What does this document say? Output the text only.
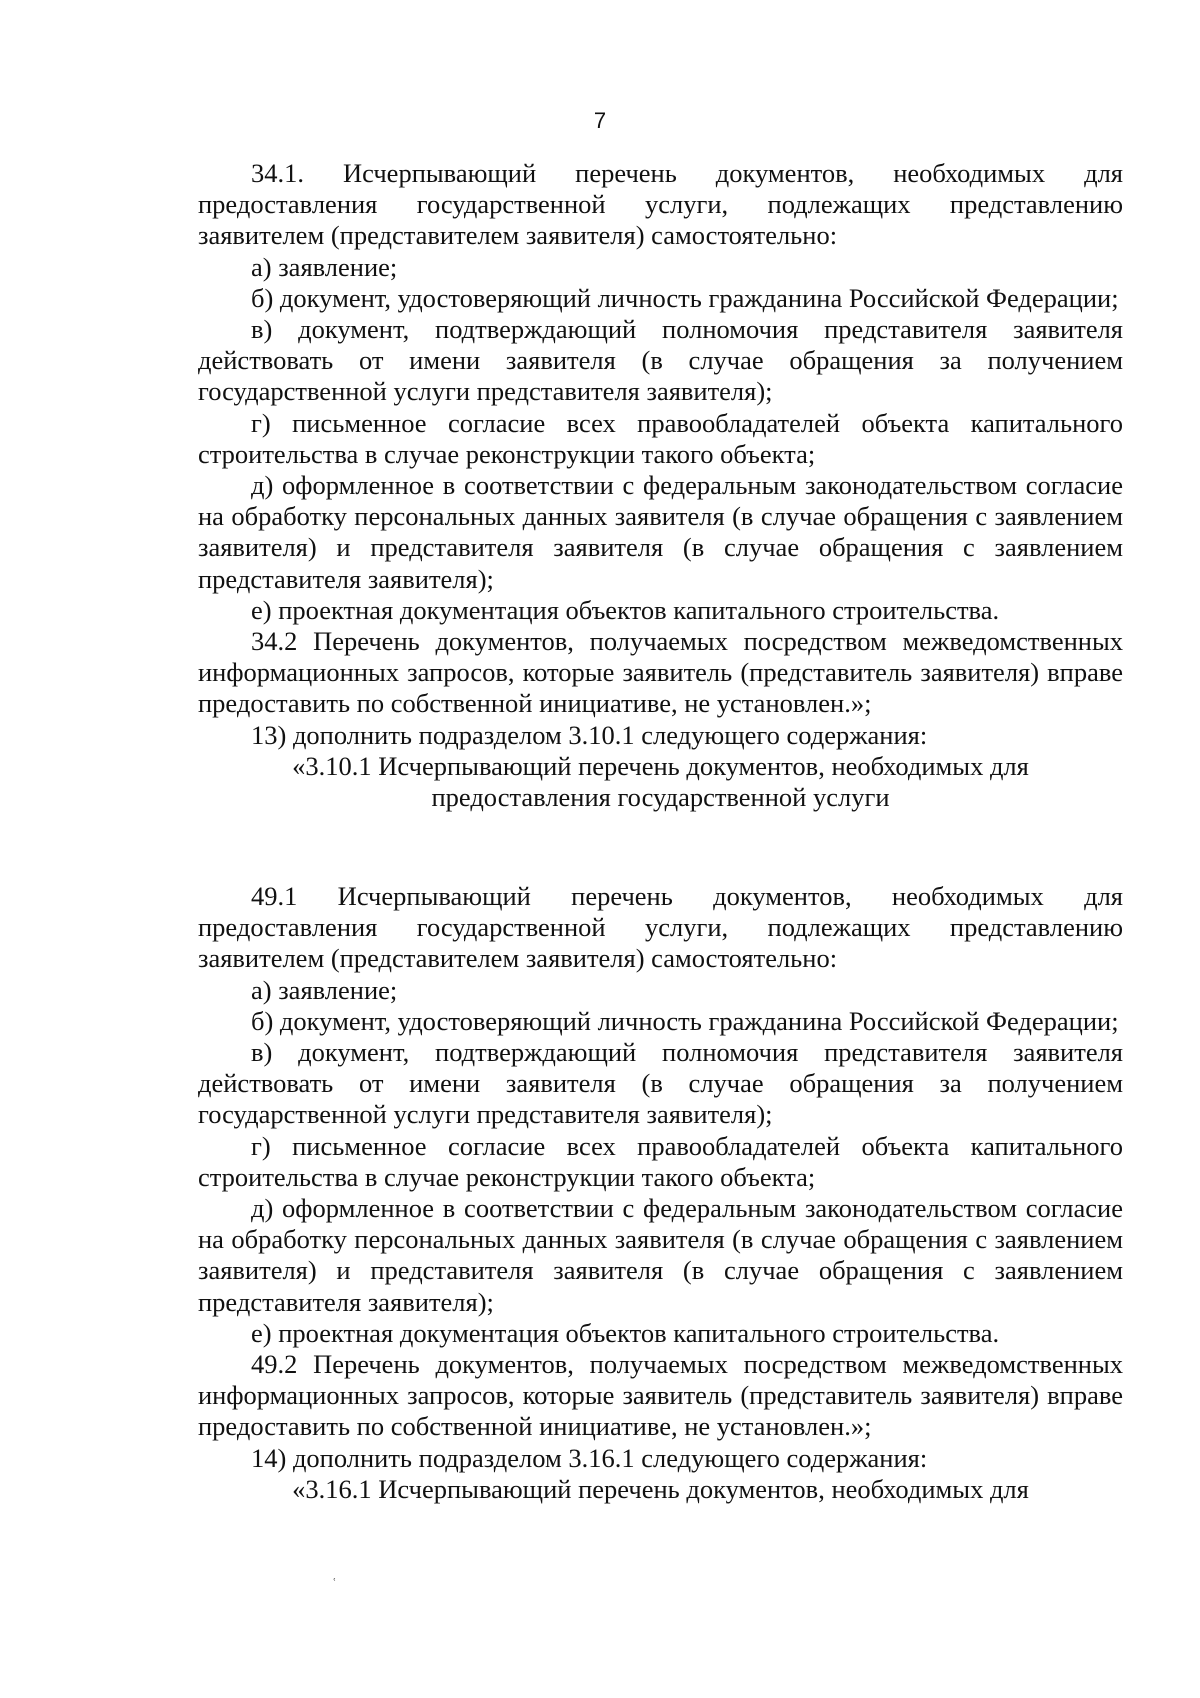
7

34.1. Исчерпывающий перечень документов, необходимых для предоставления государственной услуги, подлежащих представлению заявителем (представителем заявителя) самостоятельно:

а) заявление;

б) документ, удостоверяющий личность гражданина Российской Федерации;

в) документ, подтверждающий полномочия представителя заявителя действовать от имени заявителя (в случае обращения за получением государственной услуги представителя заявителя);

г) письменное согласие всех правообладателей объекта капитального строительства в случае реконструкции такого объекта;

д) оформленное в соответствии с федеральным законодательством согласие на обработку персональных данных заявителя (в случае обращения с заявлением заявителя) и представителя заявителя (в случае обращения с заявлением представителя заявителя);

е) проектная документация объектов капитального строительства.

34.2 Перечень документов, получаемых посредством межведомственных информационных запросов, которые заявитель (представитель заявителя) вправе предоставить по собственной инициативе, не установлен.»;

13) дополнить подразделом 3.10.1 следующего содержания:

«3.10.1 Исчерпывающий перечень документов, необходимых для

предоставления государственной услуги

49.1 Исчерпывающий перечень документов, необходимых для предоставления государственной услуги, подлежащих представлению заявителем (представителем заявителя) самостоятельно:

а) заявление;

б) документ, удостоверяющий личность гражданина Российской Федерации;

в) документ, подтверждающий полномочия представителя заявителя действовать от имени заявителя (в случае обращения за получением государственной услуги представителя заявителя);

г) письменное согласие всех правообладателей объекта капитального строительства в случае реконструкции такого объекта;

д) оформленное в соответствии с федеральным законодательством согласие на обработку персональных данных заявителя (в случае обращения с заявлением заявителя) и представителя заявителя (в случае обращения с заявлением представителя заявителя);

е) проектная документация объектов капитального строительства.

49.2 Перечень документов, получаемых посредством межведомственных информационных запросов, которые заявитель (представитель заявителя) вправе предоставить по собственной инициативе, не установлен.»;

14) дополнить подразделом 3.16.1 следующего содержания:

«3.16.1 Исчерпывающий перечень документов, необходимых для

ʿ
